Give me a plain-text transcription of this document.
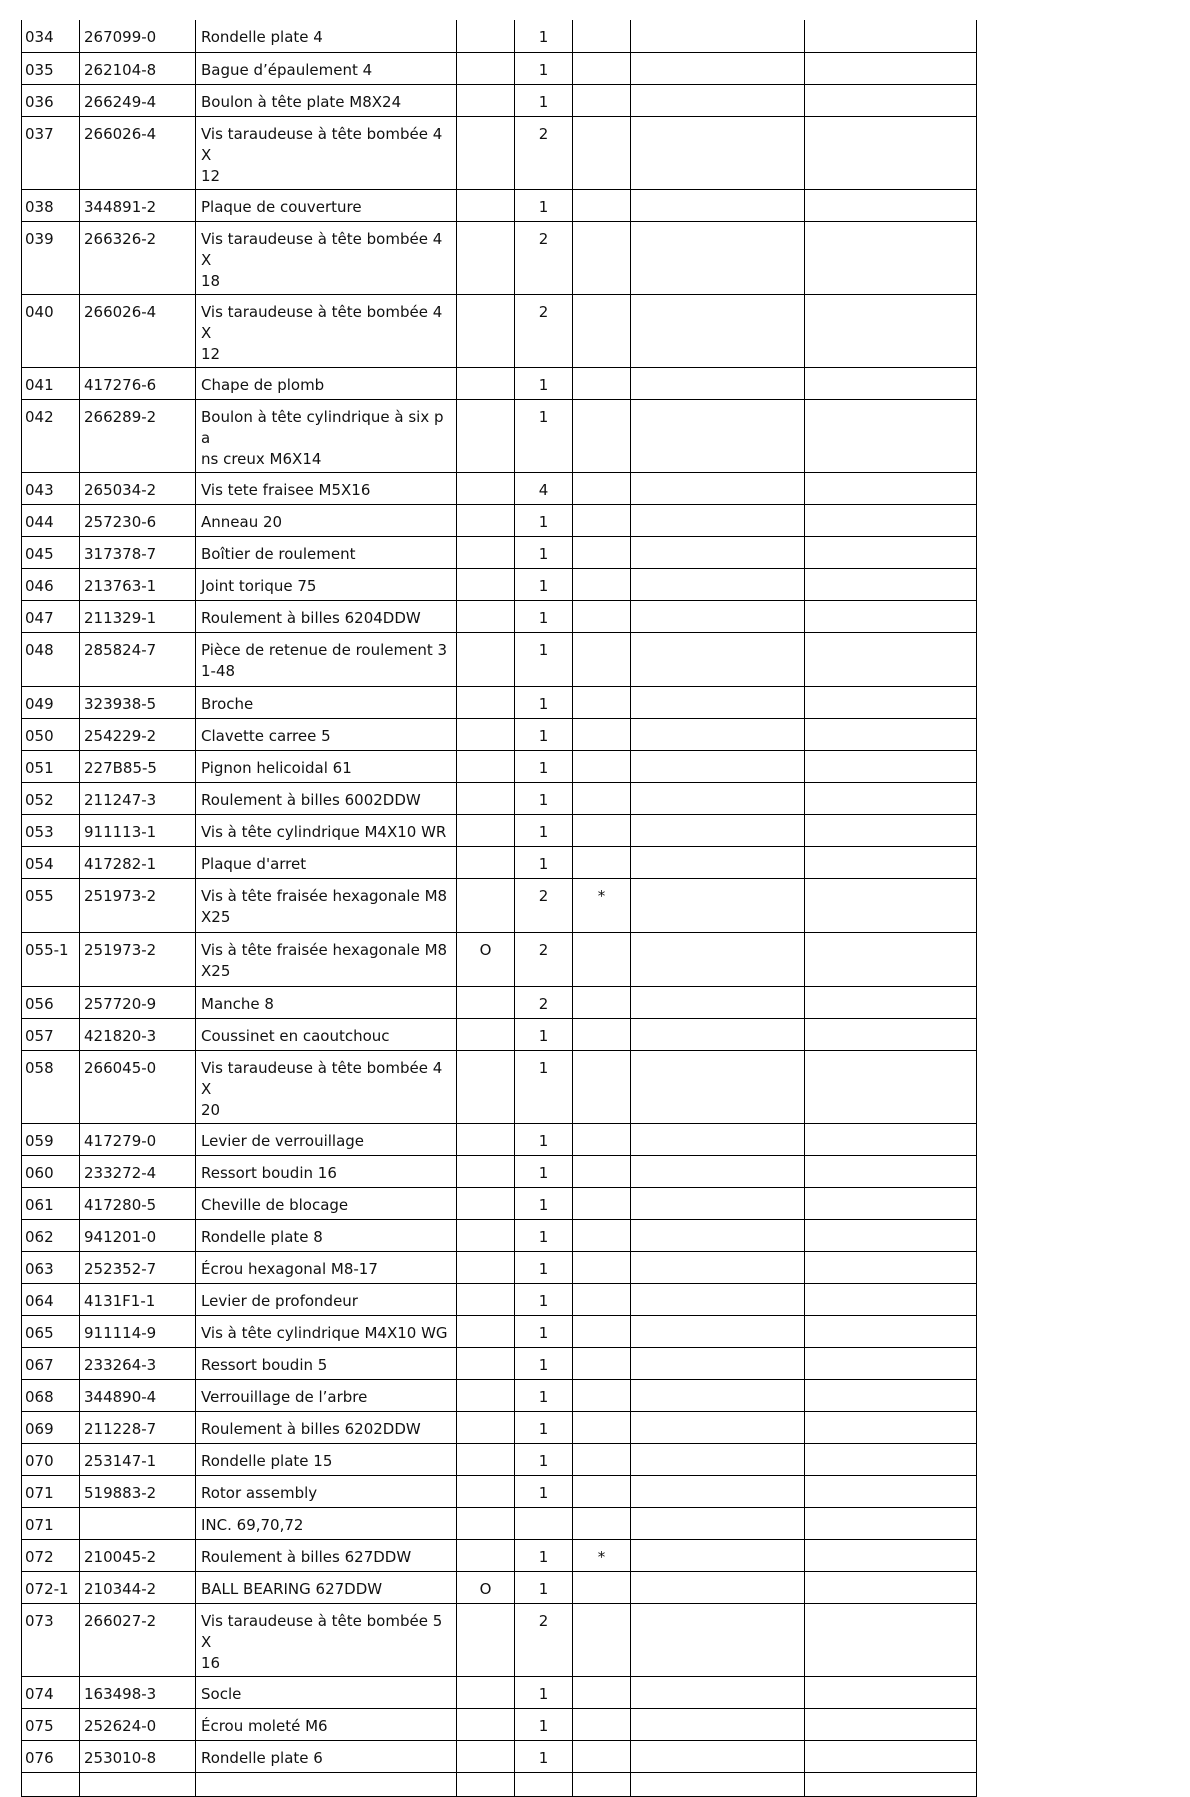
034	267099-0	Rondelle plate 4		1			
035	262104-8	Bague d’épaulement 4		1			
036	266249-4	Boulon à tête plate M8X24		1			
037	266026-4	Vis taraudeuse à tête bombée 4X
12		2			
038	344891-2	Plaque de couverture		1			
039	266326-2	Vis taraudeuse à tête bombée 4X
18		2			
040	266026-4	Vis taraudeuse à tête bombée 4X
12		2			
041	417276-6	Chape de plomb		1			
042	266289-2	Boulon à tête cylindrique à six pa
ns creux M6X14		1			
043	265034-2	Vis tete fraisee M5X16		4			
044	257230-6	Anneau 20		1			
045	317378-7	Boîtier de roulement		1			
046	213763-1	Joint torique 75		1			
047	211329-1	Roulement à billes 6204DDW		1			
048	285824-7	Pièce de retenue de roulement 3
1-48		1			
049	323938-5	Broche		1			
050	254229-2	Clavette carree 5		1			
051	227B85-5	Pignon helicoidal 61		1			
052	211247-3	Roulement à billes 6002DDW		1			
053	911113-1	Vis à tête cylindrique M4X10 WR		1			
054	417282-1	Plaque d'arret		1			
055	251973-2	Vis à tête fraisée hexagonale M8
X25		2	*		
055-1	251973-2	Vis à tête fraisée hexagonale M8
X25	O	2			
056	257720-9	Manche 8		2			
057	421820-3	Coussinet en caoutchouc		1			
058	266045-0	Vis taraudeuse à tête bombée 4X
20		1			
059	417279-0	Levier de verrouillage		1			
060	233272-4	Ressort boudin 16		1			
061	417280-5	Cheville de blocage		1			
062	941201-0	Rondelle plate 8		1			
063	252352-7	Écrou hexagonal M8-17		1			
064	4131F1-1	Levier de profondeur		1			
065	911114-9	Vis à tête cylindrique M4X10 WG		1			
067	233264-3	Ressort boudin 5		1			
068	344890-4	Verrouillage de l’arbre		1			
069	211228-7	Roulement à billes 6202DDW		1			
070	253147-1	Rondelle plate 15		1			
071	519883-2	Rotor assembly		1			
071		INC. 69,70,72					
072	210045-2	Roulement à billes 627DDW		1	*		
072-1	210344-2	BALL BEARING 627DDW	O	1			
073	266027-2	Vis taraudeuse à tête bombée 5X
16		2			
074	163498-3	Socle		1			
075	252624-0	Écrou moleté M6		1			
076	253010-8	Rondelle plate 6		1			
